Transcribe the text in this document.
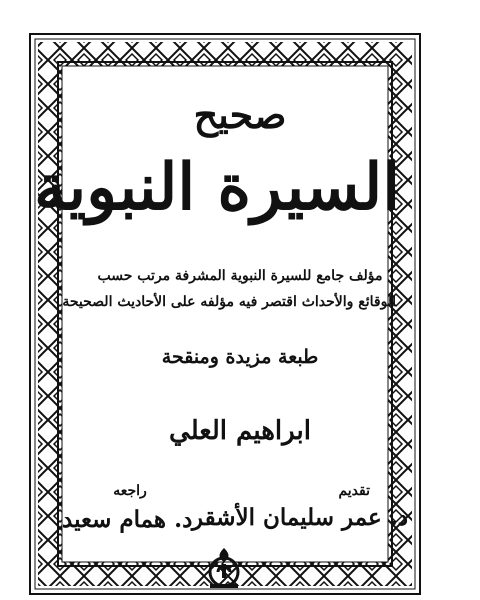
صحيح
السيرة النبوية
مؤلف جامع للسيرة النبوية المشرفة مرتب حسب
الوقائع والأحداث اقتصر فيه مؤلفه على الأحاديث الصحيحة
طبعة مزيدة ومنقحة
ابراهيم العلي
تقديم
د. عمر سليمان الأشقر
راجعه
د. همام سعيد
